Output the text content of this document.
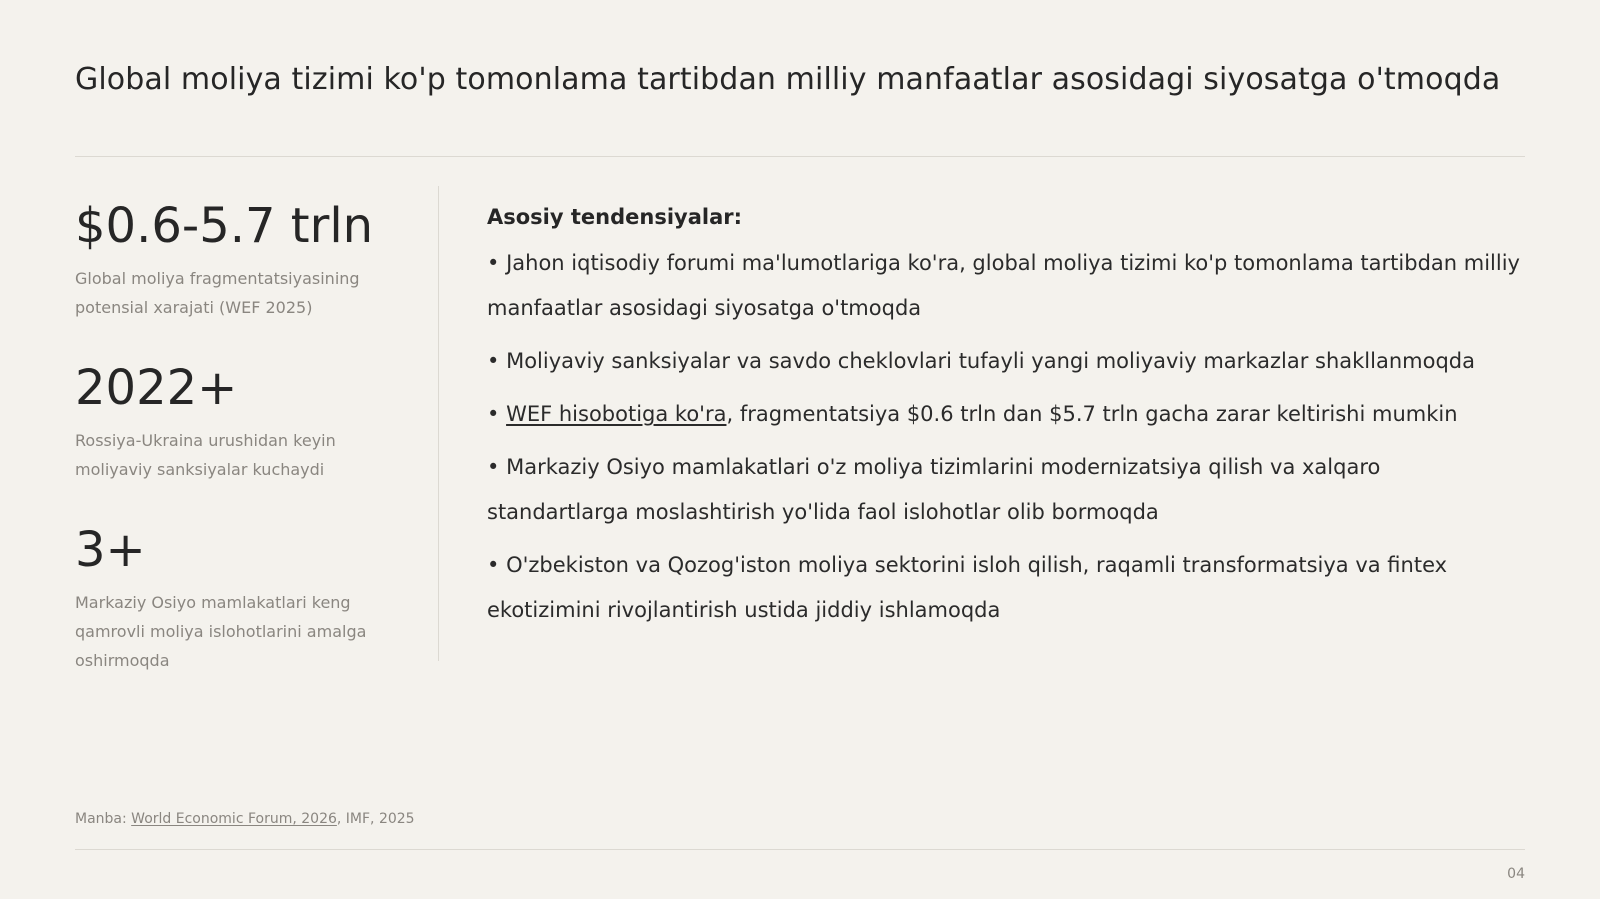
Global moliya tizimi ko'p tomonlama tartibdan milliy manfaatlar asosidagi siyosatga o'tmoqda
$0.6-5.7 trln
Global moliya fragmentatsiyasining potensial xarajati (WEF 2025)
2022+
Rossiya-Ukraina urushidan keyin moliyaviy sanksiyalar kuchaydi
3+
Markaziy Osiyo mamlakatlari keng qamrovli moliya islohotlarini amalga oshirmoqda
Asosiy tendensiyalar:
• Jahon iqtisodiy forumi ma'lumotlariga ko'ra, global moliya tizimi ko'p tomonlama tartibdan milliy manfaatlar asosidagi siyosatga o'tmoqda
• Moliyaviy sanksiyalar va savdo cheklovlari tufayli yangi moliyaviy markazlar shakllanmoqda
• WEF hisobotiga ko'ra, fragmentatsiya $0.6 trln dan $5.7 trln gacha zarar keltirishi mumkin
• Markaziy Osiyo mamlakatlari o'z moliya tizimlarini modernizatsiya qilish va xalqaro standartlarga moslashtirish yo'lida faol islohotlar olib bormoqda
• O'zbekiston va Qozog'iston moliya sektorini isloh qilish, raqamli transformatsiya va fintex ekotizimini rivojlantirish ustida jiddiy ishlamoqda
Manba: World Economic Forum, 2026, IMF, 2025
04
